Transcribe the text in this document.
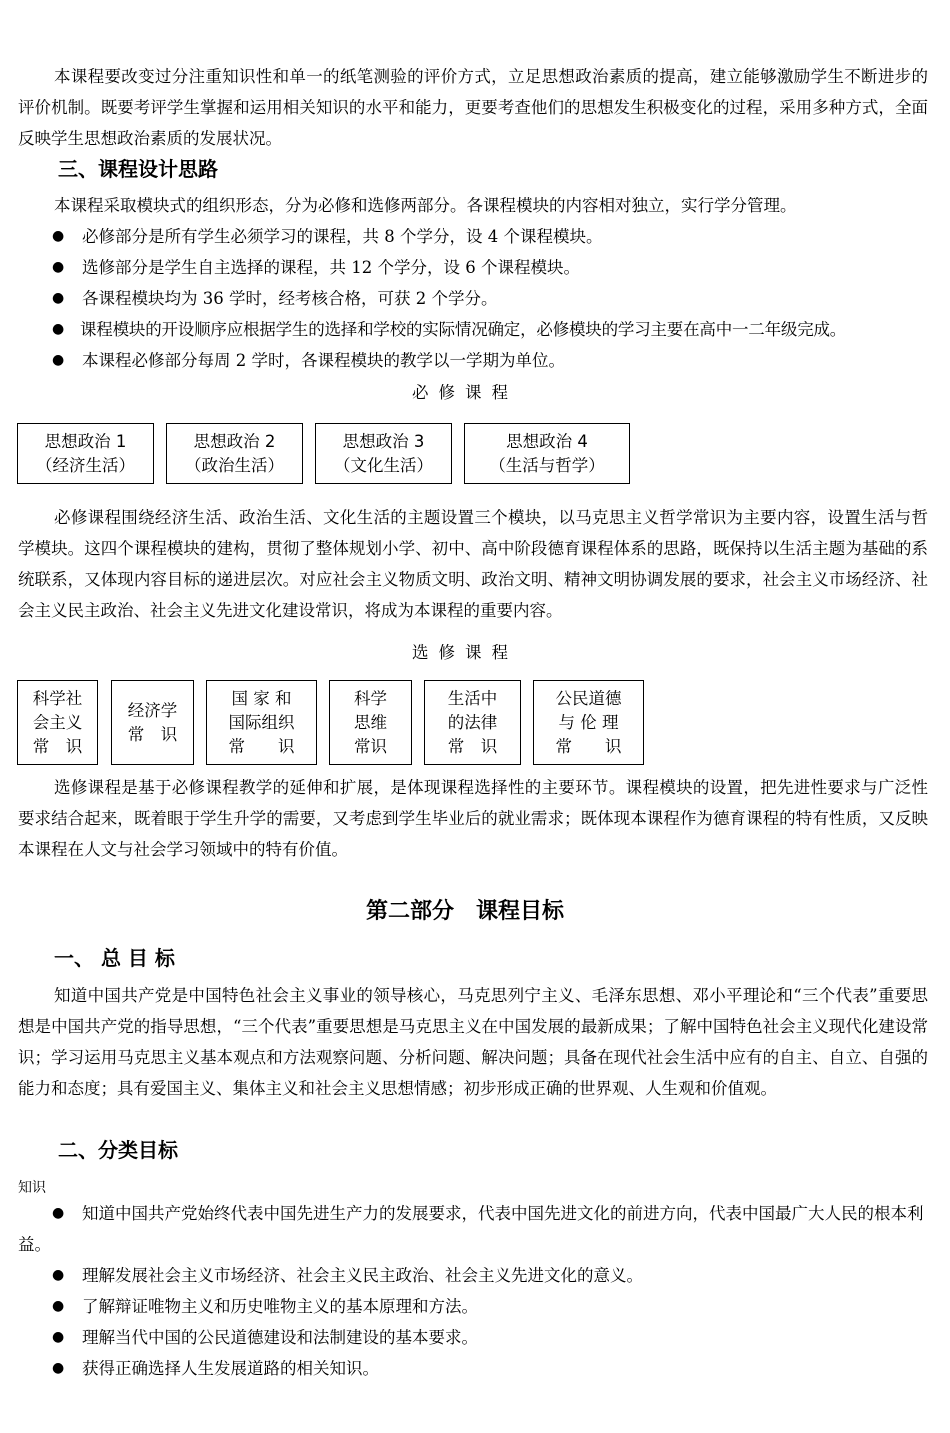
本课程要改变过分注重知识性和单一的纸笔测验的评价方式，立足思想政治素质的提高，建立能够激励学生不断进步的评价机制。既要考评学生掌握和运用相关知识的水平和能力，更要考查他们的思想发生积极变化的过程，采用多种方式，全面反映学生思想政治素质的发展状况。

三、课程设计思路

本课程采取模块式的组织形态，分为必修和选修两部分。各课程模块的内容相对独立，实行学分管理。

● 必修部分是所有学生必须学习的课程，共 8 个学分，设 4 个课程模块。
● 选修部分是学生自主选择的课程，共 12 个学分，设 6 个课程模块。
● 各课程模块均为 36 学时，经考核合格，可获 2 个学分。
● 课程模块的开设顺序应根据学生的选择和学校的实际情况确定，必修模块的学习主要在高中一二年级完成。
● 本课程必修部分每周 2 学时，各课程模块的教学以一学期为单位。

必修课程

思想政治 1
（经济生活）
思想政治 2
（政治生活）
思想政治 3
（文化生活）
思想政治 4
（生活与哲学）

必修课程围绕经济生活、政治生活、文化生活的主题设置三个模块，以马克思主义哲学常识为主要内容，设置生活与哲学模块。这四个课程模块的建构，贯彻了整体规划小学、初中、高中阶段德育课程体系的思路，既保持以生活主题为基础的系统联系，又体现内容目标的递进层次。对应社会主义物质文明、政治文明、精神文明协调发展的要求，社会主义市场经济、社会主义民主政治、社会主义先进文化建设常识，将成为本课程的重要内容。

选修课程

科学社
会主义
常　识
经济学
常　识
国 家 和
国际组织
常　　识
科学
思维
常识
生活中
的法律
常　识
公民道德
与 伦 理
常　　识

选修课程是基于必修课程教学的延伸和扩展，是体现课程选择性的主要环节。课程模块的设置，把先进性要求与广泛性要求结合起来，既着眼于学生升学的需要，又考虑到学生毕业后的就业需求；既体现本课程作为德育课程的特有性质，又反映本课程在人文与社会学习领域中的特有价值。

第二部分　课程目标
一、 总 目 标

知道中国共产党是中国特色社会主义事业的领导核心，马克思列宁主义、毛泽东思想、邓小平理论和“三个代表”重要思想是中国共产党的指导思想，“三个代表”重要思想是马克思主义在中国发展的最新成果；了解中国特色社会主义现代化建设常识；学习运用马克思主义基本观点和方法观察问题、分析问题、解决问题；具备在现代社会生活中应有的自主、自立、自强的能力和态度；具有爱国主义、集体主义和社会主义思想情感；初步形成正确的世界观、人生观和价值观。

二、分类目标

知识

● 知道中国共产党始终代表中国先进生产力的发展要求，代表中国先进文化的前进方向，代表中国最广大人民的根本利益。
● 理解发展社会主义市场经济、社会主义民主政治、社会主义先进文化的意义。
● 了解辩证唯物主义和历史唯物主义的基本原理和方法。
● 理解当代中国的公民道德建设和法制建设的基本要求。
● 获得正确选择人生发展道路的相关知识。
